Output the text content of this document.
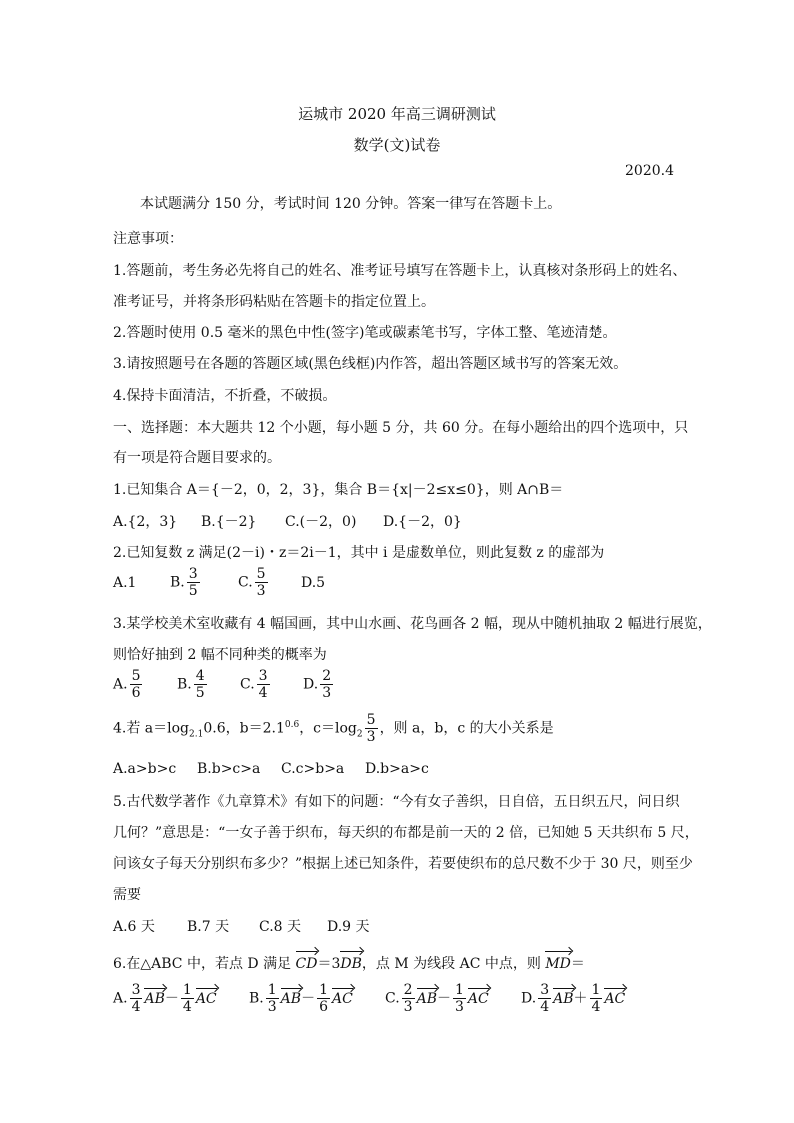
运城市 2020 年高三调研测试
数学(文)试卷
2020.4
本试题满分 150 分，考试时间 120 分钟。答案一律写在答题卡上。
注意事项：
1.答题前，考生务必先将自己的姓名、准考证号填写在答题卡上，认真核对条形码上的姓名、
准考证号，并将条形码粘贴在答题卡的指定位置上。
2.答题时使用 0.5 毫米的黑色中性(签字)笔或碳素笔书写，字体工整、笔迹清楚。
3.请按照题号在各题的答题区域(黑色线框)内作答，超出答题区域书写的答案无效。
4.保持卡面清洁，不折叠，不破损。
一、选择题：本大题共 12 个小题，每小题 5 分，共 60 分。在每小题给出的四个选项中，只
有一项是符合题目要求的。
1.已知集合 A＝{－2，0，2，3}，集合 B＝{x|－2≤x≤0}，则 A∩B＝
A.{2，3} B.{－2} C.(－2，0) D.{－2，0}
2.已知复数 z 满足(2－i)・z＝2i－1，其中 i 是虚数单位，则此复数 z 的虚部为
A.1 B. $\frac{3}{5}$	C. $\frac{5}{3} D.5$
3.某学校美术室收藏有 4 幅国画，其中山水画、花鸟画各 2 幅，现从中随机抽取 2 幅进行展览，
则恰好抽到 2 幅不同种类的概率为
A. $\frac{5}{6} B$. $\frac{4}{5} C$. $\frac{3}{4} D$. $\frac{2}{3}$
4.若 $a=\log_{2.1}0.6$，$b=2.1^{0.6}$，$c=\log_2 \frac{5}{3}$ ，则 a，b，c 的大小关系是
A.a>b>c B.b>c>a C.c>b>a D.b>a>c
5.古代数学著作《九章算术》有如下的问题：“今有女子善织，日自倍，五日织五尺，问日织
几何？”意思是：“一女子善于织布，每天织的布都是前一天的 2 倍，已知她 5 天共织布 5 尺，
问该女子每天分别织布多少？”根据上述已知条件，若要使织布的总尺数不少于 30 尺，则至少
需要
A.6 天 B.7 天 C.8 天 D.9 天
6.在△ABC 中，若点 D 满足 CD＝3DB，点 M 为线段 AC 中点，则 MD＝
A. $\frac{3}{4} AB- \frac{1}{4}$ AC B. $\frac{1}{3} AB- \frac{1}{6}$ AC C. $\frac{2}{3} AB- \frac{1}{3}$ AC D. $\frac{3}{4} AB+ \frac{1}{4}$ AC
